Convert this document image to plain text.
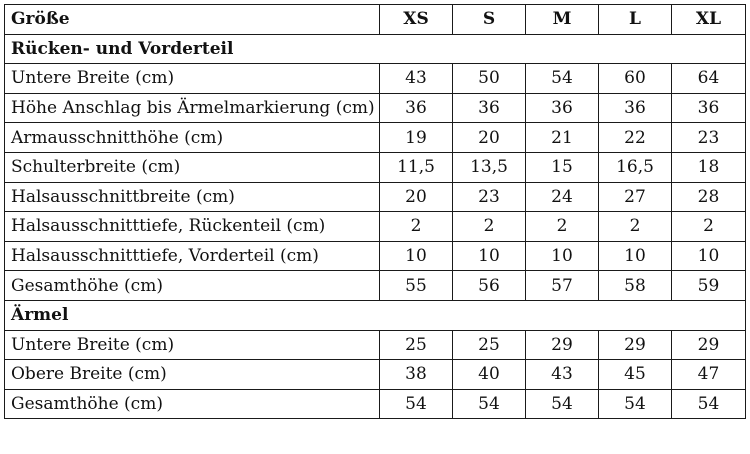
Größe	XS	S	M	L	XL
Rücken- und Vorderteil					
Untere Breite (cm)	43	50	54	60	64
Höhe Anschlag bis Ärmelmarkierung (cm)	36	36	36	36	36
Armausschnitthöhe (cm)	19	20	21	22	23
Schulterbreite (cm)	11,5	13,5	15	16,5	18
Halsausschnittbreite (cm)	20	23	24	27	28
Halsausschnitttiefe, Rückenteil (cm)	2	2	2	2	2
Halsausschnitttiefe, Vorderteil (cm)	10	10	10	10	10
Gesamthöhe (cm)	55	56	57	58	59
Ärmel					
Untere Breite (cm)	25	25	29	29	29
Obere Breite (cm)	38	40	43	45	47
Gesamthöhe (cm)	54	54	54	54	54
